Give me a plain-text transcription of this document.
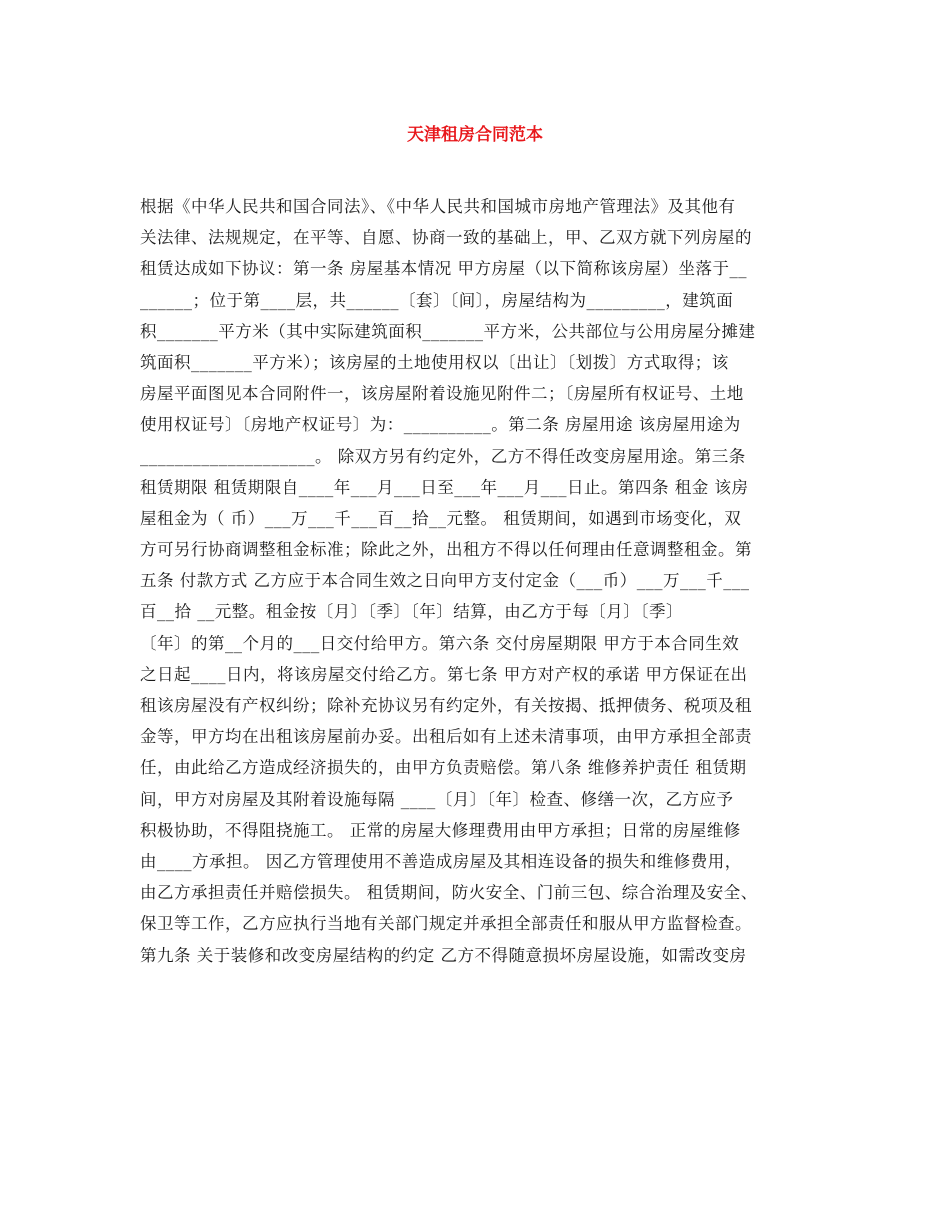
天津租房合同范本
根据《中华人民共和国合同法》、《中华人民共和国城市房地产管理法》及其他有
关法律、法规规定，在平等、自愿、协商一致的基础上，甲、乙双方就下列房屋的
租赁达成如下协议：第一条 房屋基本情况 甲方房屋（以下简称该房屋）坐落于__
______；位于第____层，共______〔套〕〔间〕，房屋结构为_________，建筑面
积_______平方米（其中实际建筑面积_______平方米，公共部位与公用房屋分摊建
筑面积_______平方米）；该房屋的土地使用权以〔出让〕〔划拨〕方式取得；该
房屋平面图见本合同附件一，该房屋附着设施见附件二；〔房屋所有权证号、土地
使用权证号〕〔房地产权证号〕为：__________。第二条 房屋用途 该房屋用途为
____________________。 除双方另有约定外，乙方不得任改变房屋用途。第三条
租赁期限 租赁期限自____年___月___日至___年___月___日止。第四条 租金 该房
屋租金为（ 币）___万___千___百__拾__元整。 租赁期间，如遇到市场变化，双
方可另行协商调整租金标准；除此之外，出租方不得以任何理由任意调整租金。第
五条 付款方式 乙方应于本合同生效之日向甲方支付定金（___币）___万___千___
百__拾 __元整。租金按〔月〕〔季〕〔年〕结算，由乙方于每〔月〕〔季〕
〔年〕的第__个月的___日交付给甲方。第六条 交付房屋期限 甲方于本合同生效
之日起____日内，将该房屋交付给乙方。第七条 甲方对产权的承诺 甲方保证在出
租该房屋没有产权纠纷；除补充协议另有约定外，有关按揭、抵押债务、税项及租
金等，甲方均在出租该房屋前办妥。出租后如有上述未清事项，由甲方承担全部责
任，由此给乙方造成经济损失的，由甲方负责赔偿。第八条 维修养护责任 租赁期
间，甲方对房屋及其附着设施每隔 ____〔月〕〔年〕检查、修缮一次，乙方应予
积极协助，不得阻挠施工。 正常的房屋大修理费用由甲方承担；日常的房屋维修
由____方承担。 因乙方管理使用不善造成房屋及其相连设备的损失和维修费用，
由乙方承担责任并赔偿损失。 租赁期间，防火安全、门前三包、综合治理及安全、
保卫等工作，乙方应执行当地有关部门规定并承担全部责任和服从甲方监督检查。
第九条 关于装修和改变房屋结构的约定 乙方不得随意损坏房屋设施，如需改变房
